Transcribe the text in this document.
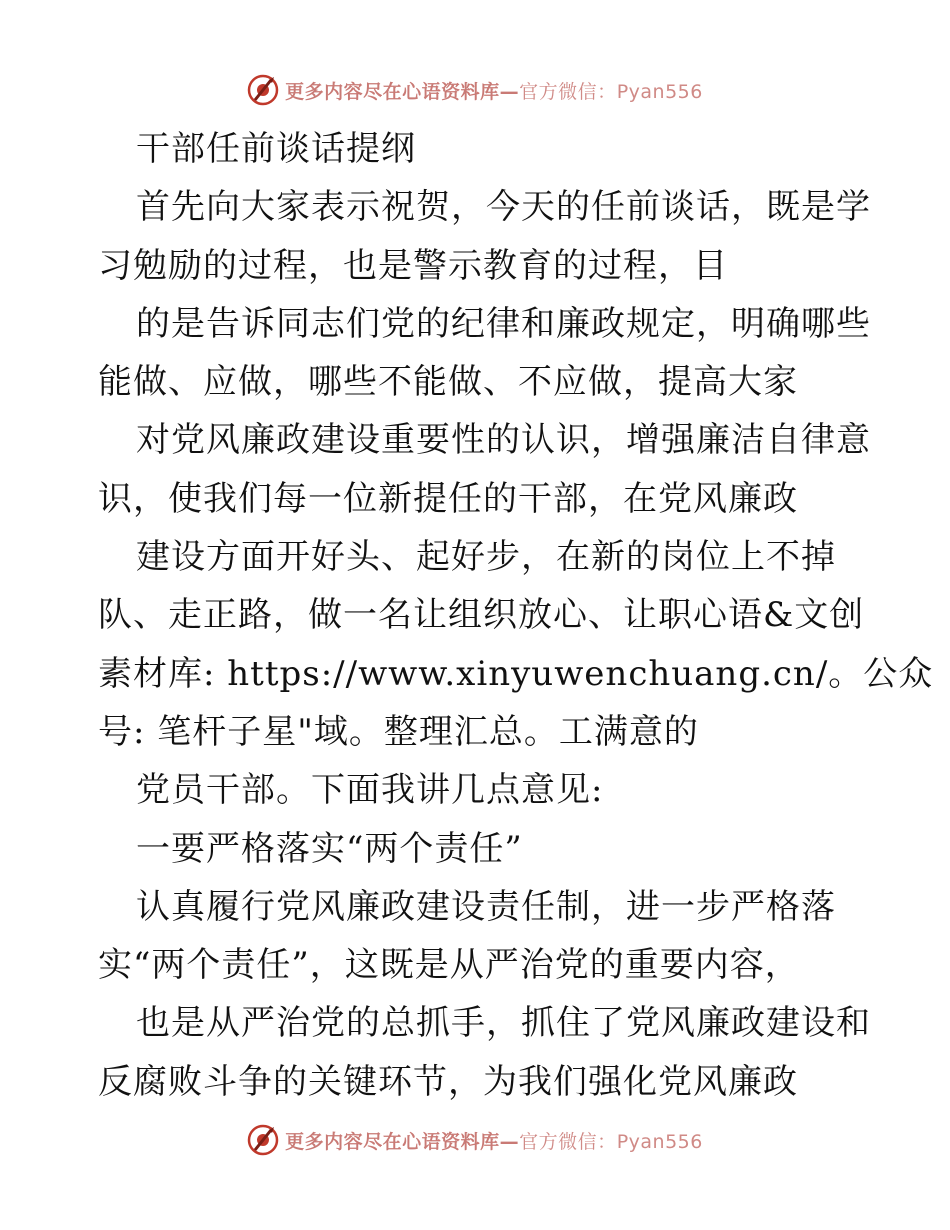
更多内容尽在心语资料库—官方微信：Pyan556
干部任前谈话提纲
首先向大家表示祝贺，今天的任前谈话，既是学
习勉励的过程，也是警示教育的过程，目
的是告诉同志们党的纪律和廉政规定，明确哪些
能做、应做，哪些不能做、不应做，提高大家
对党风廉政建设重要性的认识，增强廉洁自律意
识，使我们每一位新提任的干部，在党风廉政
建设方面开好头、起好步，在新的岗位上不掉
队、走正路，做一名让组织放心、让职心语&文创
素材库: https://www.xinyuwenchuang.cn/。公众
号: 笔杆子星"域。整理汇总。工满意的
党员干部。下面我讲几点意见:
一要严格落实“两个责任”
认真履行党风廉政建设责任制，进一步严格落
实“两个责任”，这既是从严治党的重要内容，
也是从严治党的总抓手，抓住了党风廉政建设和
反腐败斗争的关键环节，为我们强化党风廉政
更多内容尽在心语资料库—官方微信：Pyan556
